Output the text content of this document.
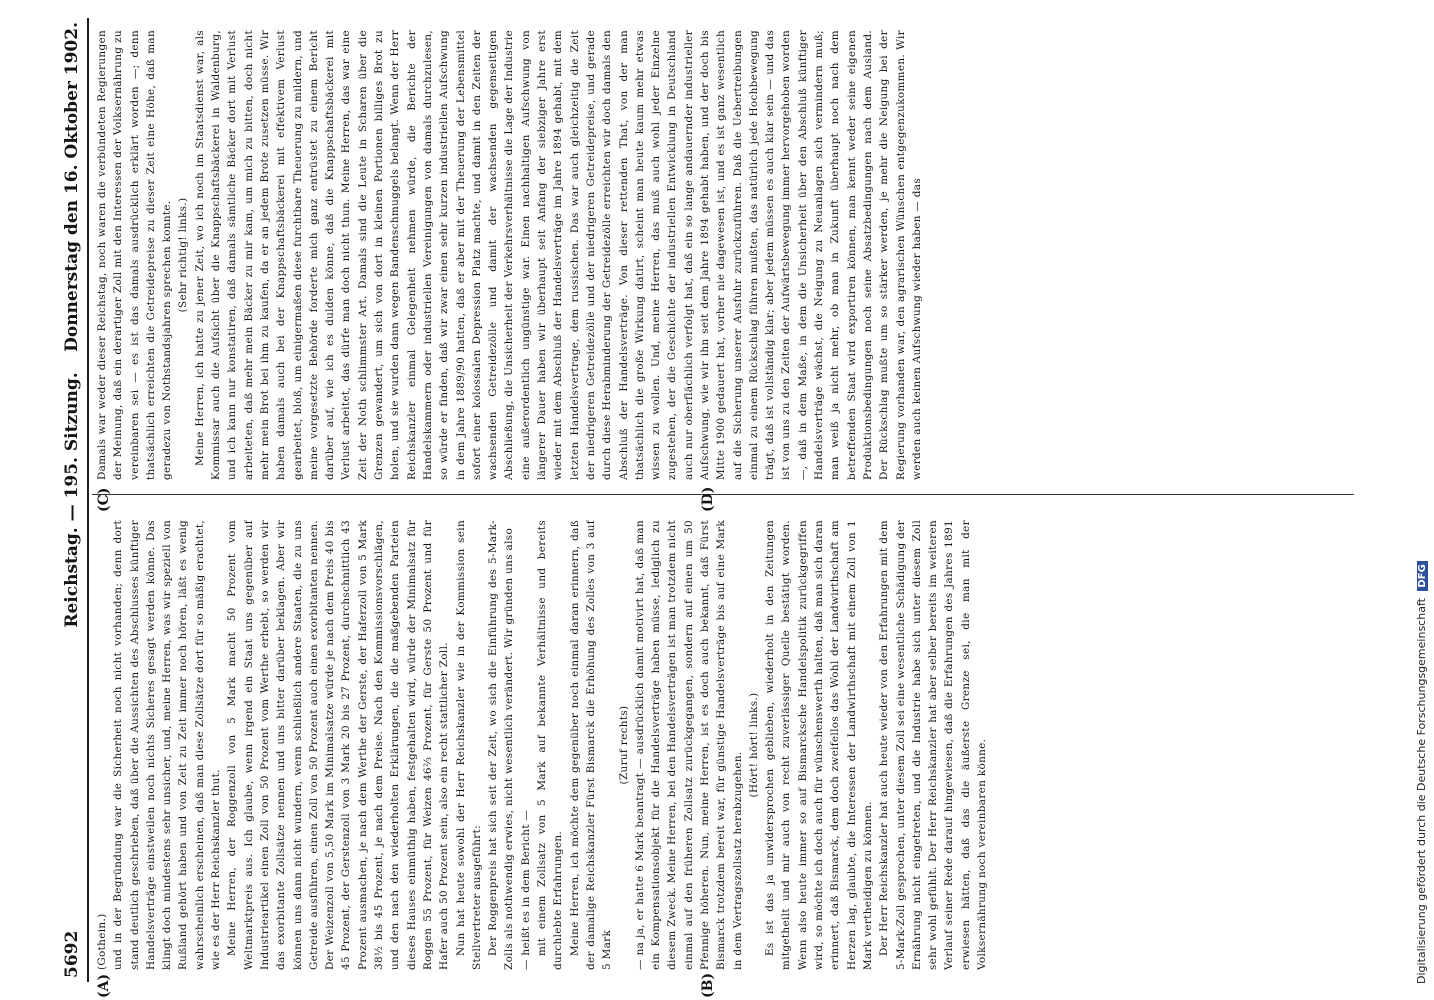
5692
Reichstag. — 195. Sitzung.
Donnerstag den 16. Oktober 1902.
(A)	(B)
(C)	(D)

(Gothein.) und in der Begründung war die Sicherheit noch nicht vorhanden; denn dort stand deutlich geschrieben, daß über die Aussichten des Abschlusses künftiger Handelsverträge einstweilen noch nichts Sicheres gesagt werden könne. Das klingt doch mindestens sehr unsicher, und, meine Herren, was wir speziell von Rußland gehört haben und von Zeit zu Zeit immer noch hören, läßt es wenig wahrscheinlich erscheinen, daß man diese Zollsätze dort für so mäßig erachtet, wie es der Herr Reichskanzler thut. Meine Herren, der Roggenzoll von 5 Mark macht 50 Prozent vom Weltmarktpreis aus. Ich glaube, wenn irgend ein Staat uns gegenüber auf Industrieartikel einen Zoll von 50 Prozent vom Werthe erhebt, so werden wir das exorbitante Zollsätze nennen und uns bitter darüber beklagen. Aber wir können uns dann nicht wundern, wenn schließlich andere Staaten, die zu uns Getreide ausführen, einen Zoll von 50 Prozent auch einen exorbitanten nennen. Der Weizenzoll von 5,50 Mark im Minimalsatze würde je nach dem Preis 40 bis 45 Prozent, der Gerstenzoll von 3 Mark 20 bis 27 Prozent, durchschnittlich 43 Prozent ausmachen, je nach dem Werthe der Gerste, der Haferzoll von 5 Mark 38½ bis 45 Prozent, je nach dem Preise. Nach den Kommissionsvorschlägen, und den nach den wiederholten Erklärungen, die die maßgebenden Parteien dieses Hauses einmüthig haben, festgehalten wird, würde der Minimalsatz für Roggen 55 Prozent, für Weizen 46⅔ Prozent, für Gerste 50 Prozent und für Hafer auch 50 Prozent sein, also ein recht stattlicher Zoll. Nun hat heute sowohl der Herr Reichskanzler wie in der Kommission sein Stellvertreter ausgeführt: Der Roggenpreis hat sich seit der Zeit, wo sich die Einführung des 5-Mark-Zolls als nothwendig erwies, nicht wesentlich verändert. Wir gründen uns also — heißt es in dem Bericht — mit einem Zollsatz von 5 Mark auf bekannte Verhältnisse und bereits durchlebte Erfahrungen. Meine Herren, ich möchte dem gegenüber noch einmal daran erinnern, daß der damalige Reichskanzler Fürst Bismarck die Erhöhung des Zolles von 3 auf 5 Mark

(Zuruf rechts) — na ja, er hatte 6 Mark beantragt — ausdrücklich damit motivirt hat, daß man ein Kompensationsobjekt für die Handelsverträge haben müsse, lediglich zu diesem Zweck. Meine Herren, bei den Handelsverträgen ist man trotzdem nicht einmal auf den früheren Zollsatz zurückgegangen, sondern auf einen um 50 Pfennige höheren. Nun, meine Herren, ist es doch auch bekannt, daß Fürst Bismarck trotzdem bereit war, für günstige Handelsverträge bis auf eine Mark in dem Vertragszollsatz herabzugehen.

(Hört! hört! links.) Es ist das ja unwidersprochen geblieben, wiederholt in den Zeitungen mitgetheilt und mir auch von recht zuverlässiger Quelle bestätigt worden. Wenn also heute immer so auf Bismarcksche Handelspolitik zurückgegriffen wird, so möchte ich doch auch für wünschenswerth halten, daß man sich daran erinnert, daß Bismarck, dem doch zweifellos das Wohl der Landwirthschaft am Herzen lag, glaubte, die Interessen der Landwirthschaft mit einem Zoll von 1 Mark vertheidigen zu können. Der Herr Reichskanzler hat auch heute wieder von den Erfahrungen mit dem 5-Mark-Zoll gesprochen, unter diesem Zoll sei eine wesentliche Schädigung der Ernährung nicht eingetreten, und die Industrie habe sich unter diesem Zoll sehr wohl gefühlt. Der Herr Reichskanzler hat aber selber bereits im weiteren Verlauf seiner Rede darauf hingewiesen, daß die Erfahrungen des Jahres 1891 erwiesen hätten, daß das die äußerste Grenze sei, die man mit der Volksernährung noch vereinbaren könne.

Damals war weder dieser Reichstag, noch waren die verbündeten Regierungen der Meinung, daß ein derartiger Zoll mit den Interessen der Volksernährung zu vereinbaren sei — es ist das damals ausdrücklich erklärt worden —; denn thatsächlich erreichten die Getreidepreise zu dieser Zeit eine Höhe, daß man geradezu von Nothstandsjahren sprechen konnte. (Sehr richtig! links.) Meine Herren, ich hatte zu jener Zeit, wo ich noch im Staatsdienst war, als Kommissar auch die Aufsicht über die Knappschaftsbäckerei in Waldenburg, und ich kann nur konstatiren, daß damals sämtliche Bäcker dort mit Verlust arbeiteten, daß mehr mein Bäcker zu mir kam, um mich zu bitten, doch nicht mehr mein Brot bei ihm zu kaufen, da er an jedem Brote zusetzen müsse. Wir haben damals auch bei der Knappschaftsbäckerei mit effektivem Verlust gearbeitet, bloß, um einigermaßen diese furchtbare Theuerung zu mildern, und meine vorgesetzte Behörde forderte mich ganz entrüstet zu einem Bericht darüber auf, wie ich es dulden könne, daß die Knappschaftsbäckerei mit Verlust arbeitet, das dürfe man doch nicht thun. Meine Herren, das war eine Zeit der Noth schlimmster Art. Damals sind die Leute in Scharen über die Grenzen gewandert, um sich von dort in kleinen Portionen billiges Brot zu holen, und sie wurden dann wegen Bandenschmuggels belangt. Wenn der Herr Reichskanzler einmal Gelegenheit nehmen würde, die Berichte der Handelskammern oder industriellen Vereinigungen von damals durchzulesen, so würde er finden, daß wir zwar einen sehr kurzen industriellen Aufschwung in dem Jahre 1889/90 hatten, daß er aber mit der Theuerung der Lebensmittel sofort einer kolossalen Depression Platz machte, und damit in den Zeiten der wachsenden Getreidezölle und damit der wachsenden gegenseitigen Abschließung, die Unsicherheit der Verkehrsverhältnisse die Lage der Industrie eine außerordentlich ungünstige war. Einen nachhaltigen Aufschwung von längerer Dauer haben wir überhaupt seit Anfang der siebziger Jahre erst wieder mit dem Abschluß der Handelsverträge im Jahre 1894 gehabt, mit dem letzten Handelsvertrage, dem russischen. Das war auch gleichzeitig die Zeit der niedrigeren Getreidezölle und der niedrigeren Getreidepreise, und gerade durch diese Herabminderung der Getreidezölle erreichten wir doch damals den Abschluß der Handelsverträge. Von dieser rettenden That, von der man thatsächlich die große Wirkung datirt, scheint man heute kaum mehr etwas wissen zu wollen. Und, meine Herren, das muß auch wohl jeder Einzelne zugestehen, der die Geschichte der industriellen Entwicklung in Deutschland auch nur oberflächlich verfolgt hat, daß ein so lange andauernder industrieller Aufschwung, wie wir ihn seit dem Jahre 1894 gehabt haben, und der doch bis Mitte 1900 gedauert hat, vorher nie dagewesen ist, und es ist ganz wesentlich auf die Sicherung unserer Ausfuhr zurückzuführen. Daß die Uebertreibungen einmal zu einem Rückschlag führen mußten, das natürlich jede Hochbewegung trägt, daß ist vollständig klar; aber jedem müssen es auch klar sein — und das ist von uns zu den Zeiten der Aufwärtsbewegung immer hervorgehoben worden —, daß in dem Maße, in dem die Unsicherheit über den Abschluß künftiger Handelsverträge wächst, die Neigung zu Neuanlagen sich vermindern muß; man weiß ja nicht mehr, ob man in Zukunft überhaupt noch nach dem betreffenden Staat wird exportiren können, man kennt weder seine eigenen Produktionsbedingungen noch seine Absatzbedingungen nach dem Ausland. Der Rückschlag mußte um so stärker werden, je mehr die Neigung bei der Regierung vorhanden war, den agrarischen Wünschen entgegenzukommen. Wir werden auch keinen Aufschwung wieder haben — das

Digitalisierung gefördert durch die Deutsche Forschungsgemeinschaft DFG
